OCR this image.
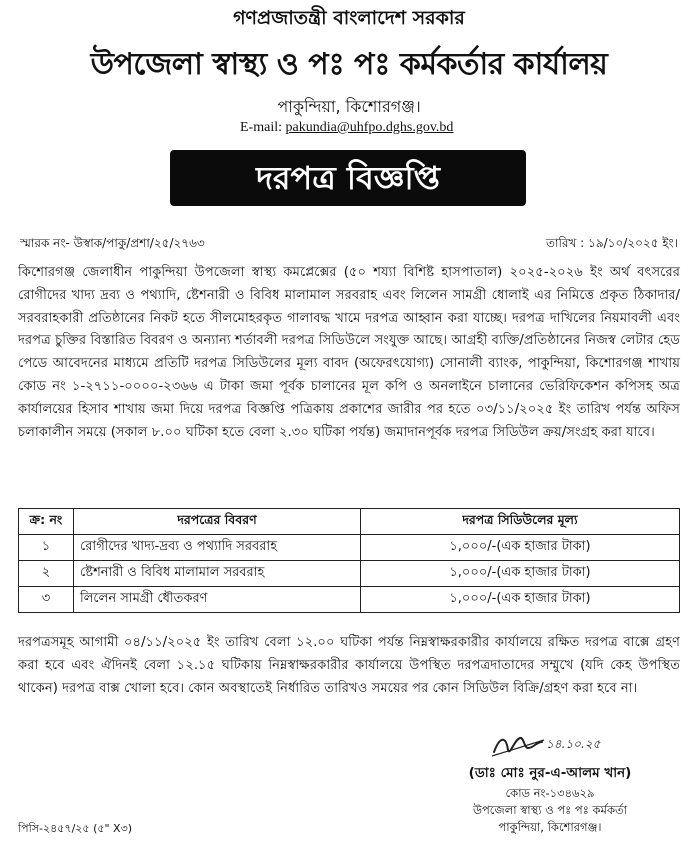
গণপ্রজাতন্ত্রী বাংলাদেশ সরকার
উপজেলা স্বাস্থ্য ও পঃ পঃ কর্মকর্তার কার্যালয়
পাকুন্দিয়া, কিশোরগঞ্জ।
E-mail: pakundia@uhfpo.dghs.gov.bd
দরপত্র বিজ্ঞপ্তি
স্মারক নং- উস্বাক/পাকু/প্রশা/২৫/২৭৬৩	তারিখ : ১৯/১০/২০২৫ ইং।

কিশোরগঞ্জ জেলাধীন পাকুন্দিয়া উপজেলা স্বাস্থ্য কমপ্লেক্সের (৫০ শয্যা বিশিষ্ট হাসপাতাল) ২০২৫-২০২৬ ইং অর্থ বৎসরের রোগীদের খাদ্য দ্রব্য ও পথ্যাদি, ষ্টেশনারী ও বিবিধ মালামাল সরবরাহ এবং লিলেন সামগ্রী ধোলাই এর নিমিত্তে প্রকৃত ঠিকাদার/সরবরাহকারী প্রতিষ্ঠানের নিকট হতে সীলমোহরকৃত গালাবদ্ধ খামে দরপত্র আহ্বান করা যাচ্ছে। দরপত্র দাখিলের নিয়মাবলী এবং দরপত্র চুক্তির বিস্তারিত বিবরণ ও অন্যান্য শর্তাবলী দরপত্র সিডিউলে সংযুক্ত আছে। আগ্রহী ব্যক্তি/প্রতিষ্ঠানের নিজস্ব লেটার হেড পেডে আবেদনের মাধ্যমে প্রতিটি দরপত্র সিডিউলের মূল্য বাবদ (অফেরৎযোগ্য) সোনালী ব্যাংক, পাকুন্দিয়া, কিশোরগঞ্জ শাখায় কোড নং ১-২৭১১-০০০০-২৩৬৬ এ টাকা জমা পূর্বক চালানের মূল কপি ও অনলাইনে চালানের ভেরিফিকেশন কপিসহ অত্র কার্যালয়ের হিসাব শাখায় জমা দিয়ে দরপত্র বিজ্ঞপ্তি পত্রিকায় প্রকাশের জারীর পর হতে ০৩/১১/২০২৫ ইং তারিখ পর্যন্ত অফিস চলাকালীন সময়ে (সকাল ৮.০০ ঘটিকা হতে বেলা ২.৩০ ঘটিকা পর্যন্ত) জমাদানপূর্বক দরপত্র সিডিউল ক্রয়/সংগ্রহ করা যাবে।

ক্র: নং	দরপত্রের বিবরণ	দরপত্র সিডিউলের মূল্য
১	রোগীদের খাদ্য-দ্রব্য ও পথ্যাদি সরবরাহ	১,০০০/-(এক হাজার টাকা)
২	ষ্টেশনারী ও বিবিধ মালামাল সরবরাহ	১,০০০/-(এক হাজার টাকা)
৩	লিলেন সামগ্রী ধৌতকরণ	১,০০০/-(এক হাজার টাকা)

দরপত্রসমূহ আগামী ০৪/১১/২০২৫ ইং তারিখ বেলা ১২.০০ ঘটিকা পর্যন্ত নিম্নস্বাক্ষরকারীর কার্যালয়ে রক্ষিত দরপত্র বাক্সে গ্রহণ করা হবে এবং ঐদিনই বেলা ১২.১৫ ঘটিকায় নিম্নস্বাক্ষরকারীর কার্যালয়ে উপস্থিত দরপত্রদাতাদের সম্মুখে (যদি কেহ উপস্থিত থাকেন) দরপত্র বাক্স খোলা হবে। কোন অবস্থাতেই নির্ধারিত তারিখও সময়ের পর কোন সিডিউল বিক্রি/গ্রহণ করা হবে না।

১৪.১০.২৫
(ডাঃ মোঃ নুর-এ-আলম খান)
কোড নং-১৩৪৬২৯
উপজেলা স্বাস্থ্য ও পঃ পঃ কর্মকর্তা
পাকুন্দিয়া, কিশোরগঞ্জ।
পিসি-২৪৫৭/২৫ (৫" X৩)
